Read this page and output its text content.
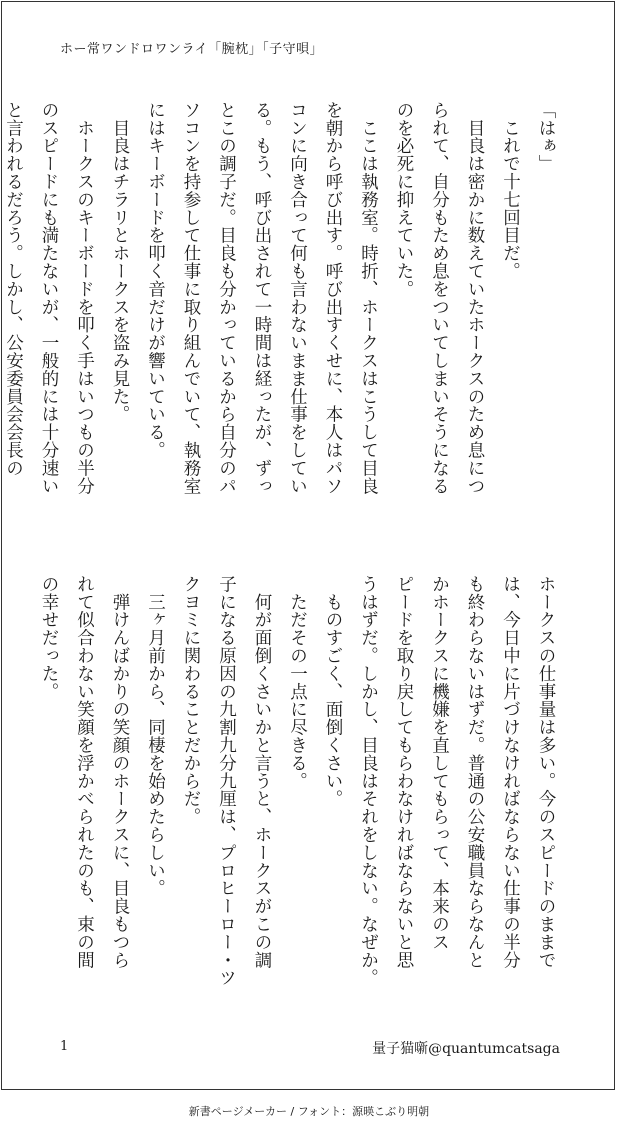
ホー常ワンドロワンライ「腕枕」「子守唄」

「はぁ」

　これで十七回目だ。

　目良は密かに数えていたホークスのため息につ

られて、自分もため息をついてしまいそうになる

のを必死に抑えていた。

　ここは執務室。時折、ホークスはこうして目良

を朝から呼び出す。呼び出すくせに、本人はパソ

コンに向き合って何も言わないまま仕事をしてい

る。もう、呼び出されて一時間は経ったが、ずっ

とこの調子だ。目良も分かっているから自分のパ

ソコンを持参して仕事に取り組んでいて、執務室

にはキーボードを叩く音だけが響いている。

　目良はチラリとホークスを盗み見た。

　ホークスのキーボードを叩く手はいつもの半分

のスピードにも満たないが、一般的には十分速い

と言われるだろう。しかし、公安委員会会長の

ホークスの仕事量は多い。今のスピードのままで

は、今日中に片づけなければならない仕事の半分

も終わらないはずだ。普通の公安職員ならなんと

かホークスに機嫌を直してもらって、本来のス

ピードを取り戻してもらわなければならないと思

うはずだ。しかし、目良はそれをしない。なぜか。

　ものすごく、面倒くさい。

　ただその一点に尽きる。

　何が面倒くさいかと言うと、ホークスがこの調

子になる原因の九割九分九厘は、プロヒーロー・ツ

クヨミに関わることだからだ。

　三ヶ月前から、同棲を始めたらしい。

　弾けんばかりの笑顔のホークスに、目良もつら

れて似合わない笑顔を浮かべられたのも、束の間

の幸せだった。

1	量子猫噺@quantumcatsaga
新書ページメーカー / フォント：源暎こぶり明朝
